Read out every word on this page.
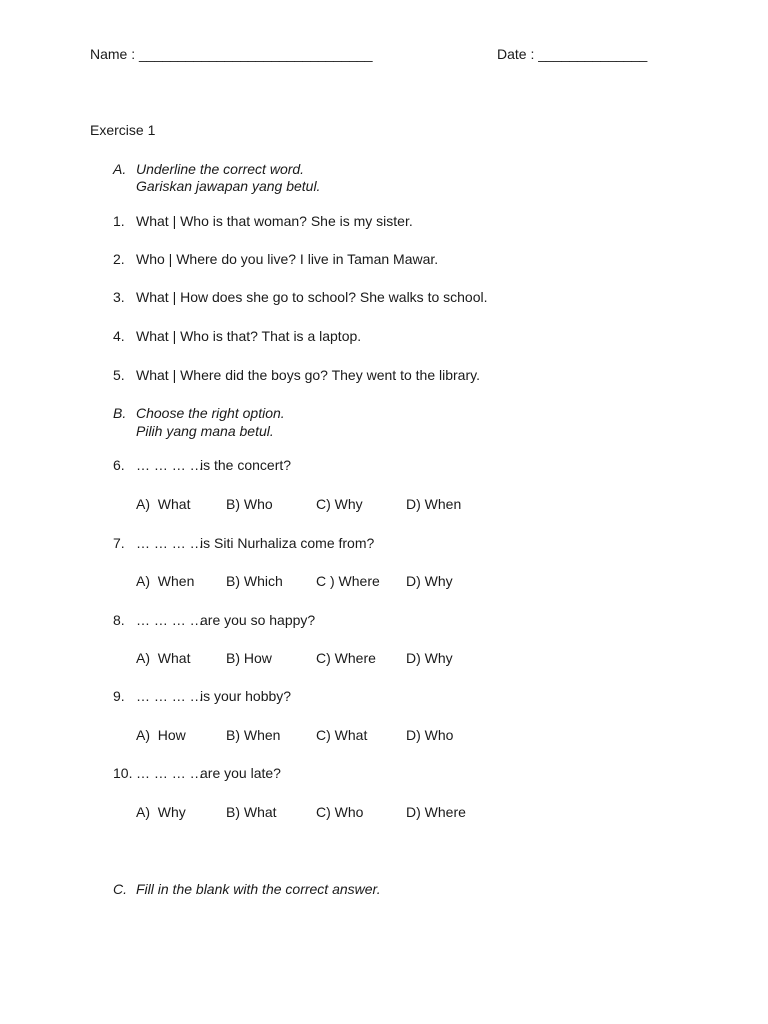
Name : ______________________________	Date : ______________
Exercise 1
A. Underline the correct word.
Gariskan jawapan yang betul.
1. What | Who is that woman? She is my sister.
2. Who | Where do you live? I live in Taman Mawar.
3. What | How does she go to school? She walks to school.
4. What | Who is that? That is a laptop.
5. What | Where did the boys go? They went to the library.
B. Choose the right option.
Pilih yang mana betul.
6. … … … …
is the concert?
A)  What	B) Who	C) Why	D) When
7. … … … …
is Siti Nurhaliza come from?
A)  When B) Which C ) Where D) Why
8. … … … …
are you so happy?
A)  What	B) How	C) Where D) Why
9. … … … …
is your hobby?
A)  How	B) When	C) What	D) Who
10. … … … …
are you late?
A)  Why	B) What	C) Who	D) Where
C. Fill in the blank with the correct answer.
